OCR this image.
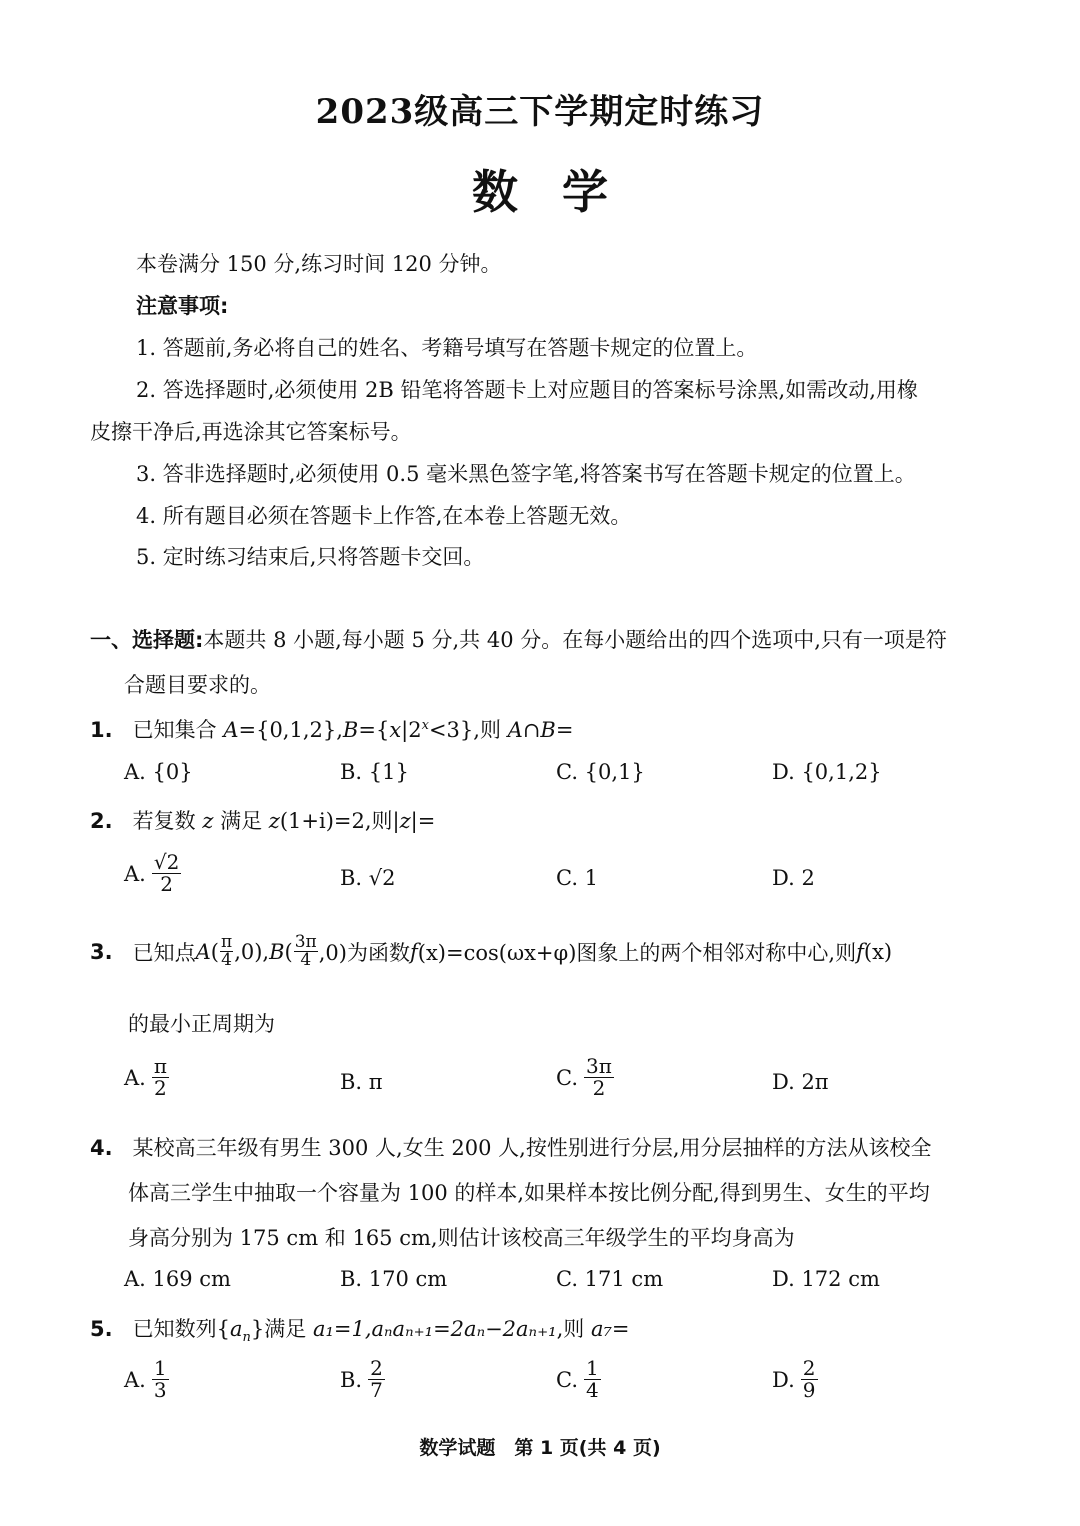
2023级高三下学期定时练习
数学
本卷满分 150 分,练习时间 120 分钟。
注意事项:
1. 答题前,务必将自己的姓名、考籍号填写在答题卡规定的位置上。
2. 答选择题时,必须使用 2B 铅笔将答题卡上对应题目的答案标号涂黑,如需改动,用橡
皮擦干净后,再选涂其它答案标号。
3. 答非选择题时,必须使用 0.5 毫米黑色签字笔,将答案书写在答题卡规定的位置上。
4. 所有题目必须在答题卡上作答,在本卷上答题无效。
5. 定时练习结束后,只将答题卡交回。
一、选择题:本题共 8 小题,每小题 5 分,共 40 分。在每小题给出的四个选项中,只有一项是符
合题目要求的。
1. 已知集合 $A=\{0,1,2\},B=\{x|2^x<3\}$,则 A∩B=
A. {0}	B. {1}	C. {0,1}	D. {0,1,2}
2. 若复数 z 满足 z(1+i)=2,则|z|=
A. $\frac{√2}{2}$	B. √2	C. 1	D. 2
3.
已知点 A ( $\frac{\pi}{4} ,0$), B ( $\frac{3\pi}{4} ,0$)为函数 f (x)=cos(ωx+φ)图象上的两个相邻对称中心,则 f (x)
的最小正周期为
A. $\frac{\pi}{2}$	B. π	C. $\frac{3\pi}{2}$	D. 2π
4. 某校高三年级有男生 300 人,女生 200 人,按性别进行分层,用分层抽样的方法从该校全
体高三学生中抽取一个容量为 100 的样本,如果样本按比例分配,得到男生、女生的平均
身高分别为 175 cm 和 165 cm,则估计该校高三年级学生的平均身高为
A. 169 cm	B. 170 cm	C. 171 cm	D. 172 cm
5. 已知数列$\{a_n\}$满足 a₁=1,aₙaₙ₊₁=2aₙ−2aₙ₊₁,则 a₇=
A. $\frac{1}{3}$	B. $\frac{2}{7}$	C. $\frac{1}{4}$	D. $\frac{2}{9}$
数学试题　第 1 页(共 4 页)
